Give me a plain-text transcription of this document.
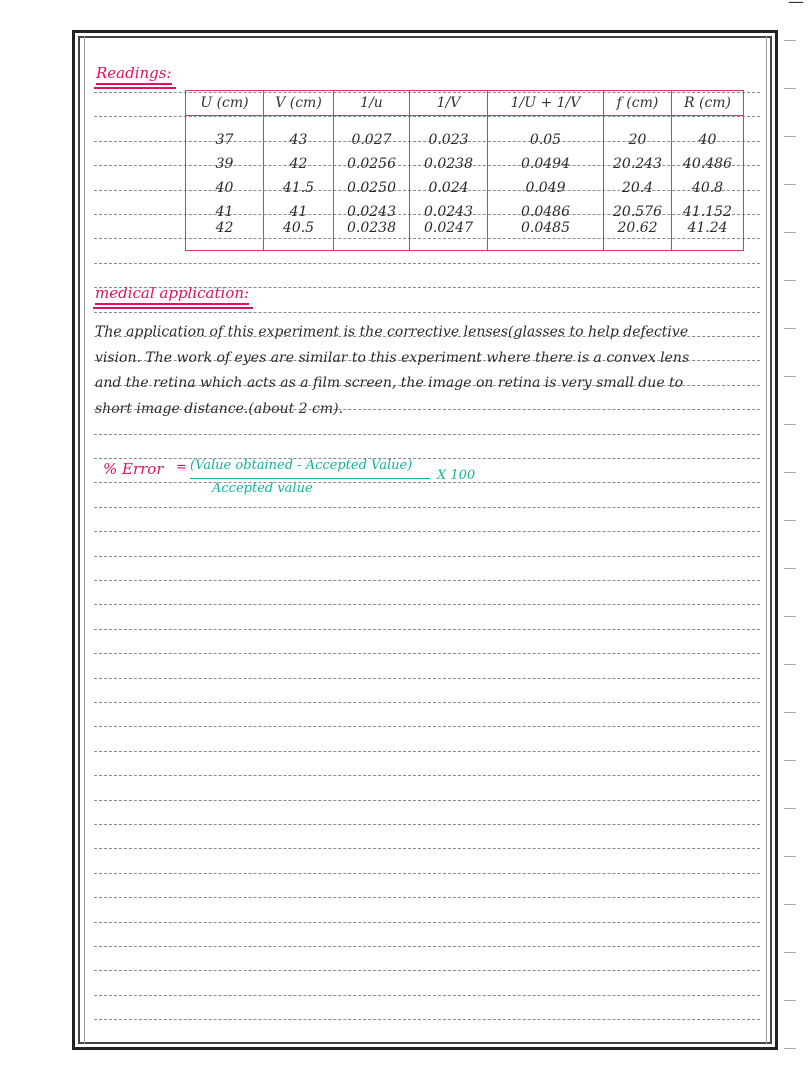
—
Readings:
U (cm)	V (cm)	1/u	1/V	1/U + 1/V	f (cm)	R (cm)
37	43	0.027	0.023	0.05	20	40
39	42	0.0256	0.0238	0.0494	20.243	40.486
40	41.5	0.0250	0.024	0.049	20.4	40.8
41	41	0.0243	0.0243	0.0486	20.576	41.152
42	40.5	0.0238	0.0247	0.0485	20.62	41.24
medical application:
The application of this experiment is the corrective lenses(glasses to help defective
vision. The work of eyes are similar to this experiment where there is a convex lens
and the retina which acts as a film screen, the image on retina is very small due to
short image distance.(about 2 cm).
% Error = (Value obtained - Accepted Value)
Accepted value
X 100
